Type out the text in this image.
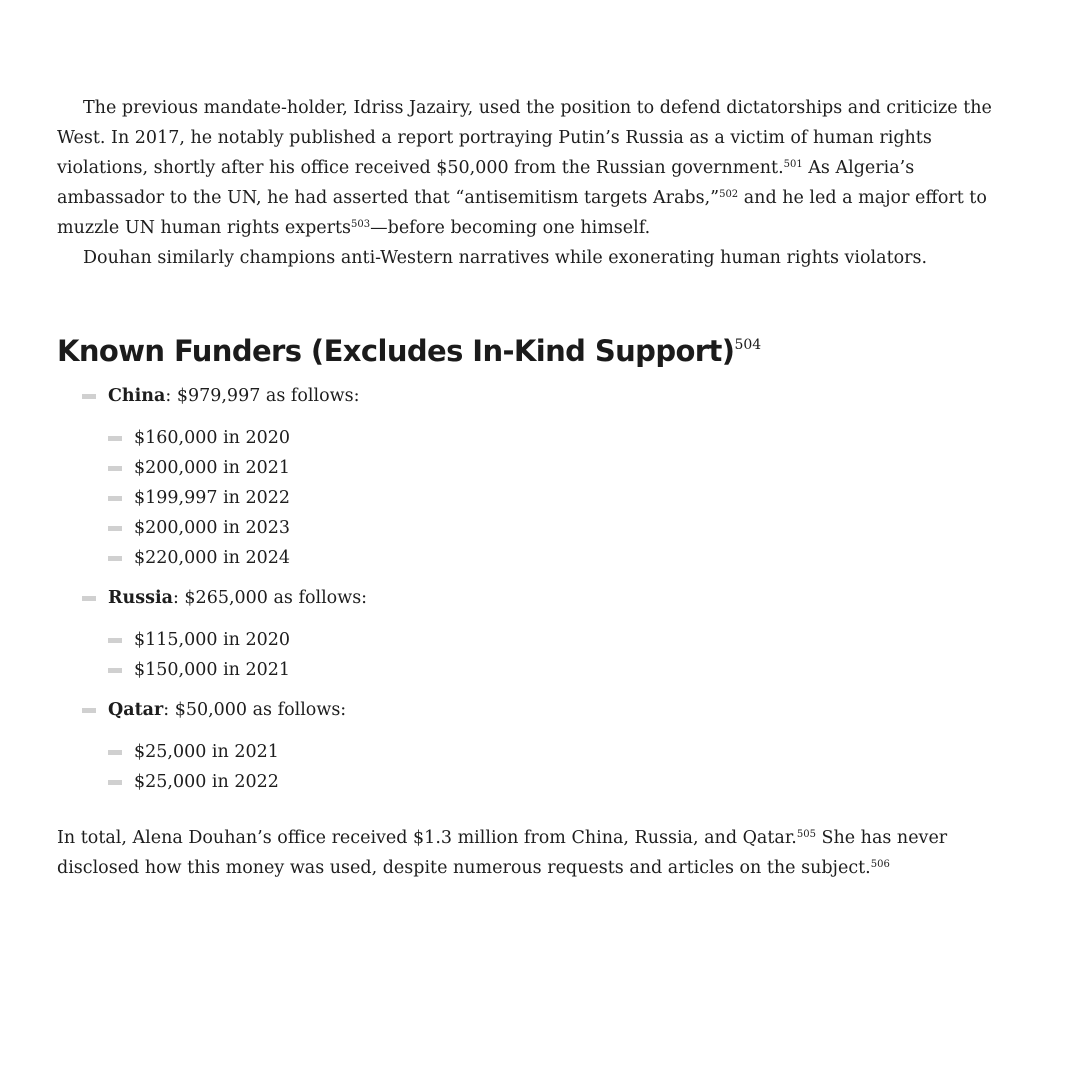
The previous mandate-holder, Idriss Jazairy, used the position to defend dictatorships and criticize the West. In 2017, he notably published a report portraying Putin’s Russia as a victim of human rights violations, shortly after his office received $50,000 from the Russian government.$^{501}$ As Algeria’s ambassador to the UN, he had asserted that “antisemitism targets Arabs,”$^{502}$ and he led a major effort to muzzle UN human rights experts$^{503}$—before becoming one himself.

Douhan similarly champions anti-Western narratives while exonerating human rights violators.

Known Funders (Excludes In-Kind Support)$^{504}$
China: $979,997 as follows:
$160,000 in 2020
$200,000 in 2021
$199,997 in 2022
$200,000 in 2023
$220,000 in 2024
Russia: $265,000 as follows:
$115,000 in 2020
$150,000 in 2021
Qatar: $50,000 as follows:
$25,000 in 2021
$25,000 in 2022

In total, Alena Douhan’s office received $1.3 million from China, Russia, and Qatar.$^{505}$ She has never disclosed how this money was used, despite numerous requests and articles on the subject.$^{506}$
